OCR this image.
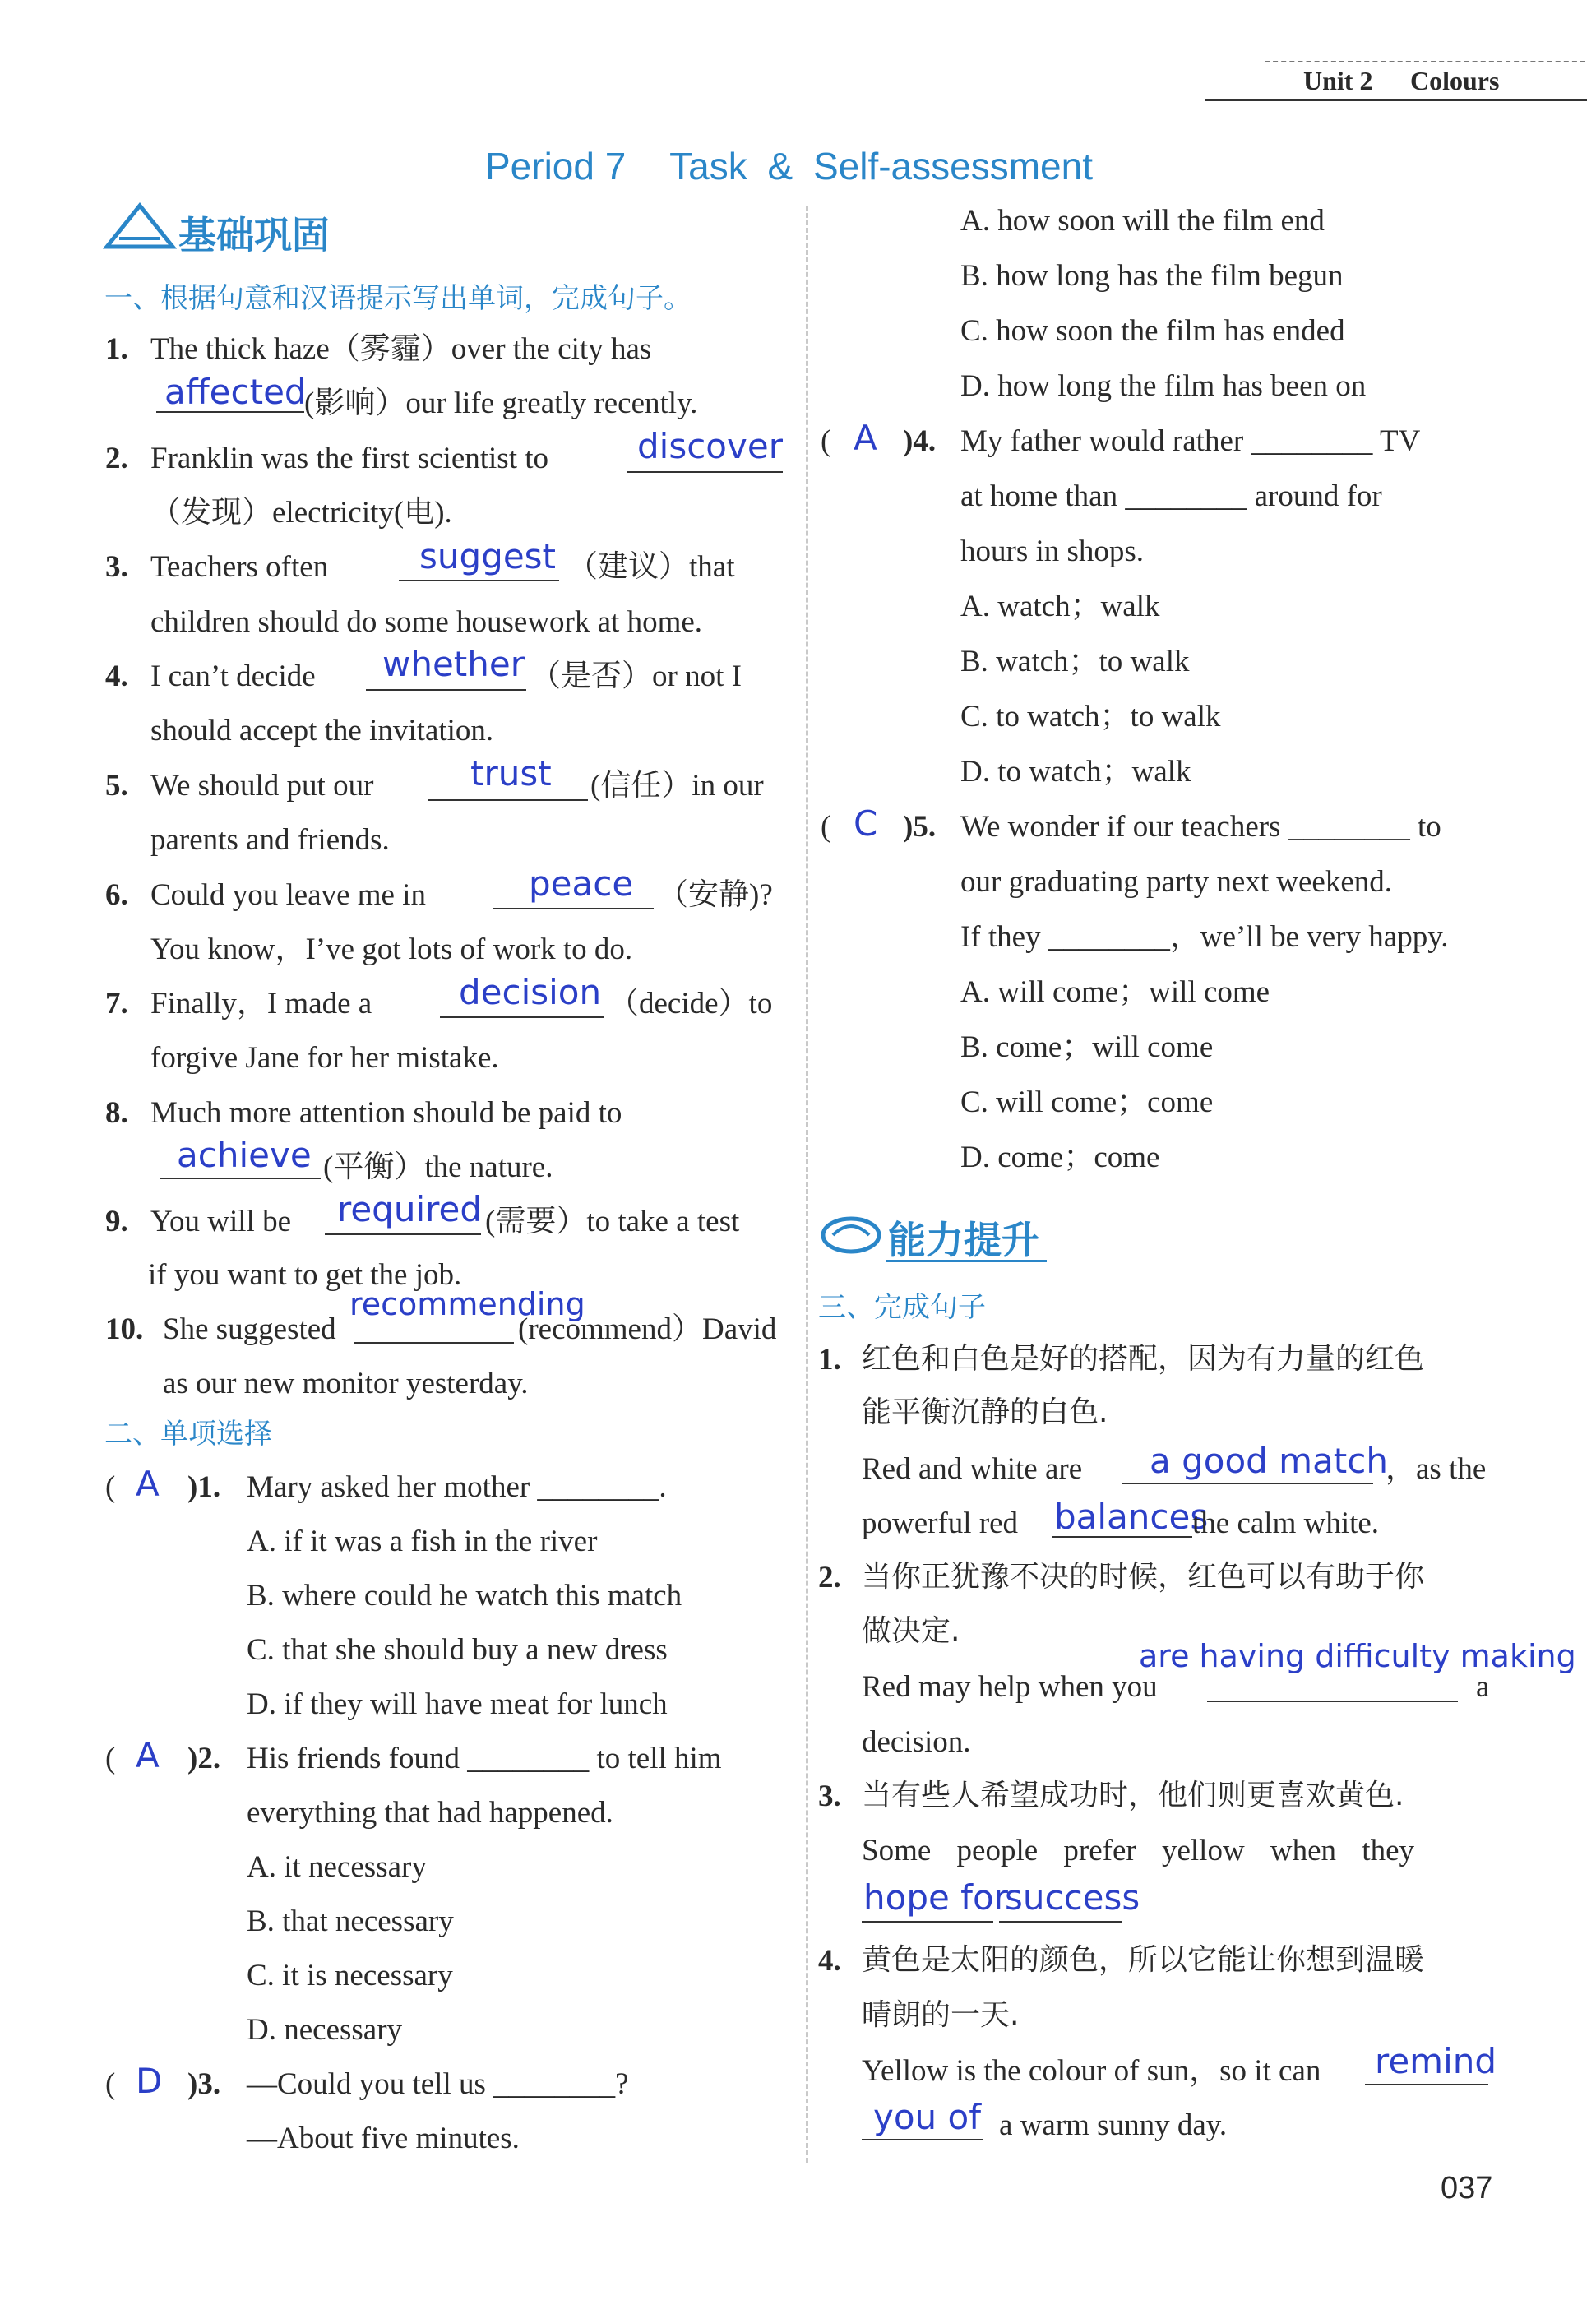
Unit 2 Colours
Period 7 Task & Self-assessment
基础巩固
一、根据句意和汉语提示写出单词，完成句子。
1. The thick haze（雾霾）over the city has
affected
(影响）our life greatly recently.
2. Franklin was the first scientist to	discover
（发现）electricity(电).
3. Teachers often	suggest （建议）that
children should do some housework at home.
4. I can’t decide whether （是否）or not I
should accept the invitation.
5. We should put our	trust (信任）in our
parents and friends.
6. Could you leave me in	peace （安静)?
You know，I’ve got lots of work to do.
7. Finally，I made a	decision （decide）to
forgive Jane for her mistake.
8. Much more attention should be paid to
achieve (平衡）the nature.
9. You will be required (需要）to take a test
if you want to get the job.
10. She suggested
recommending
(recommend）David
as our new monitor yesterday.
二、单项选择
( A )1. Mary asked her mother ________.
A. if it was a fish in the river
B. where could he watch this match
C. that she should buy a new dress
D. if they will have meat for lunch
( A )2. His friends found ________ to tell him
everything that had happened.
A. it necessary
B. that necessary
C. it is necessary
D. necessary
( D )3. —Could you tell us ________?
—About five minutes.
A. how soon will the film end
B. how long has the film begun
C. how soon the film has ended
D. how long the film has been on
( A )4. My father would rather ________ TV
at home than ________ around for
hours in shops.
A. watch；walk
B. watch；to walk
C. to watch；to walk
D. to watch；walk
( C )5. We wonder if our teachers ________ to
our graduating party next weekend.
If they ________，we’ll be very happy.
A. will come；will come
B. come；will come
C. will come；come
D. come；come
能力提升
三、完成句子
1. 红色和白色是好的搭配，因为有力量的红色
能平衡沉静的白色.
Red and white are a good match
，as the
powerful red balances
the calm white.
2. 当你正犹豫不决的时候，红色可以有助于你
做决定.
are having difficulty making
Red may help when you	a
decision.
3. 当有些人希望成功时，他们则更喜欢黄色.
Some people prefer yellow when they
hope for
success
4. 黄色是太阳的颜色，所以它能让你想到温暖
晴朗的一天.
Yellow is the colour of sun，so it can remind
you of a warm sunny day.
037
